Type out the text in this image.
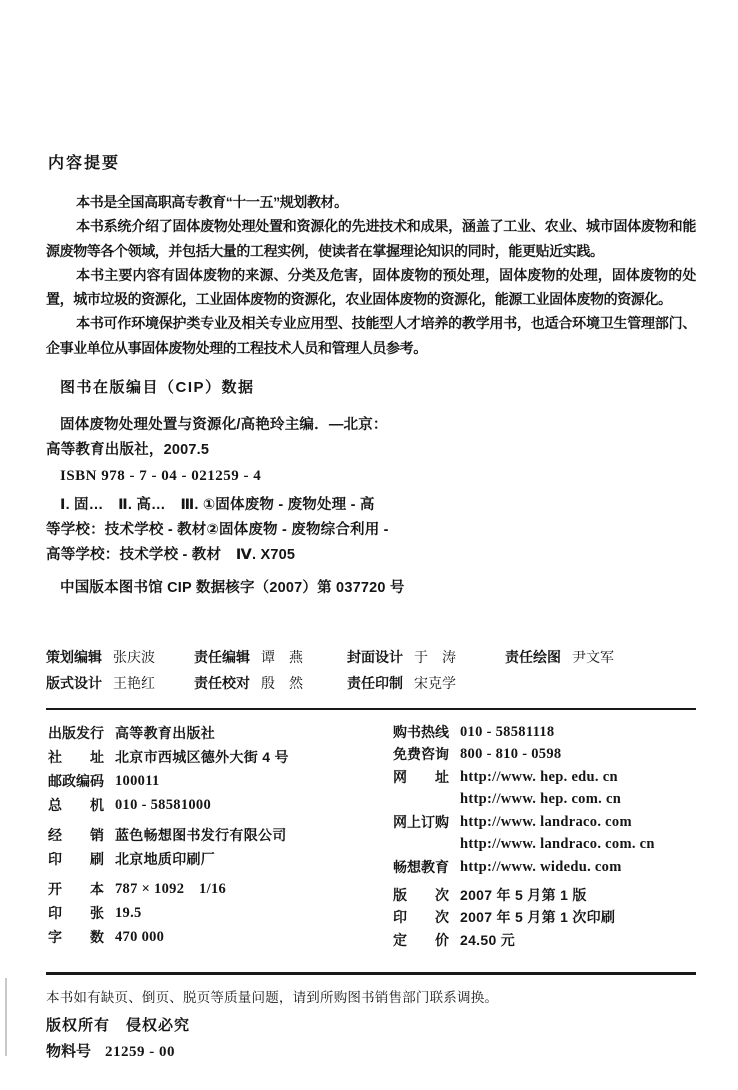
内容提要

本书是全国高职高专教育“十一五”规划教材。

本书系统介绍了固体废物处理处置和资源化的先进技术和成果，涵盖了工业、农业、城市固体废物和能源废物等各个领域，并包括大量的工程实例，使读者在掌握理论知识的同时，能更贴近实践。

本书主要内容有固体废物的来源、分类及危害，固体废物的预处理，固体废物的处理，固体废物的处置，城市垃圾的资源化，工业固体废物的资源化，农业固体废物的资源化，能源工业固体废物的资源化。

本书可作环境保护类专业及相关专业应用型、技能型人才培养的教学用书，也适合环境卫生管理部门、企事业单位从事固体废物处理的工程技术人员和管理人员参考。

图书在版编目（CIP）数据

固体废物处理处置与资源化/高艳玲主编．—北京：

高等教育出版社，2007.5

ISBN 978 - 7 - 04 - 021259 - 4

Ⅰ. 固…　Ⅱ. 高…　Ⅲ. ①固体废物 - 废物处理 - 高

等学校：技术学校 - 教材②固体废物 - 废物综合利用 -

高等学校：技术学校 - 教材　Ⅳ. X705

中国版本图书馆 CIP 数据核字（2007）第 037720 号

策划编辑 张庆波	责任编辑 谭　燕	封面设计 于　涛	责任绘图 尹文军
版式设计 王艳红	责任校对 殷　然	责任印制 宋克学
出版发行 高等教育出版社
社　　址 北京市西城区德外大街 4 号
邮政编码 100011
总　　机 010 - 58581000
经　　销 蓝色畅想图书发行有限公司
印　　刷 北京地质印刷厂
开　　本 787 × 1092　1/16
印　　张 19.5
字　　数 470 000
购书热线 010 - 58581118
免费咨询 800 - 810 - 0598
网　　址 http://www. hep. edu. cn
http://www. hep. com. cn
网上订购 http://www. landraco. com
http://www. landraco. com. cn
畅想教育 http://www. widedu. com
版　　次 2007 年 5 月第 1 版
印　　次 2007 年 5 月第 1 次印刷
定　　价 24.50 元

本书如有缺页、倒页、脱页等质量问题，请到所购图书销售部门联系调换。

版权所有　侵权必究

物料号 21259 - 00
